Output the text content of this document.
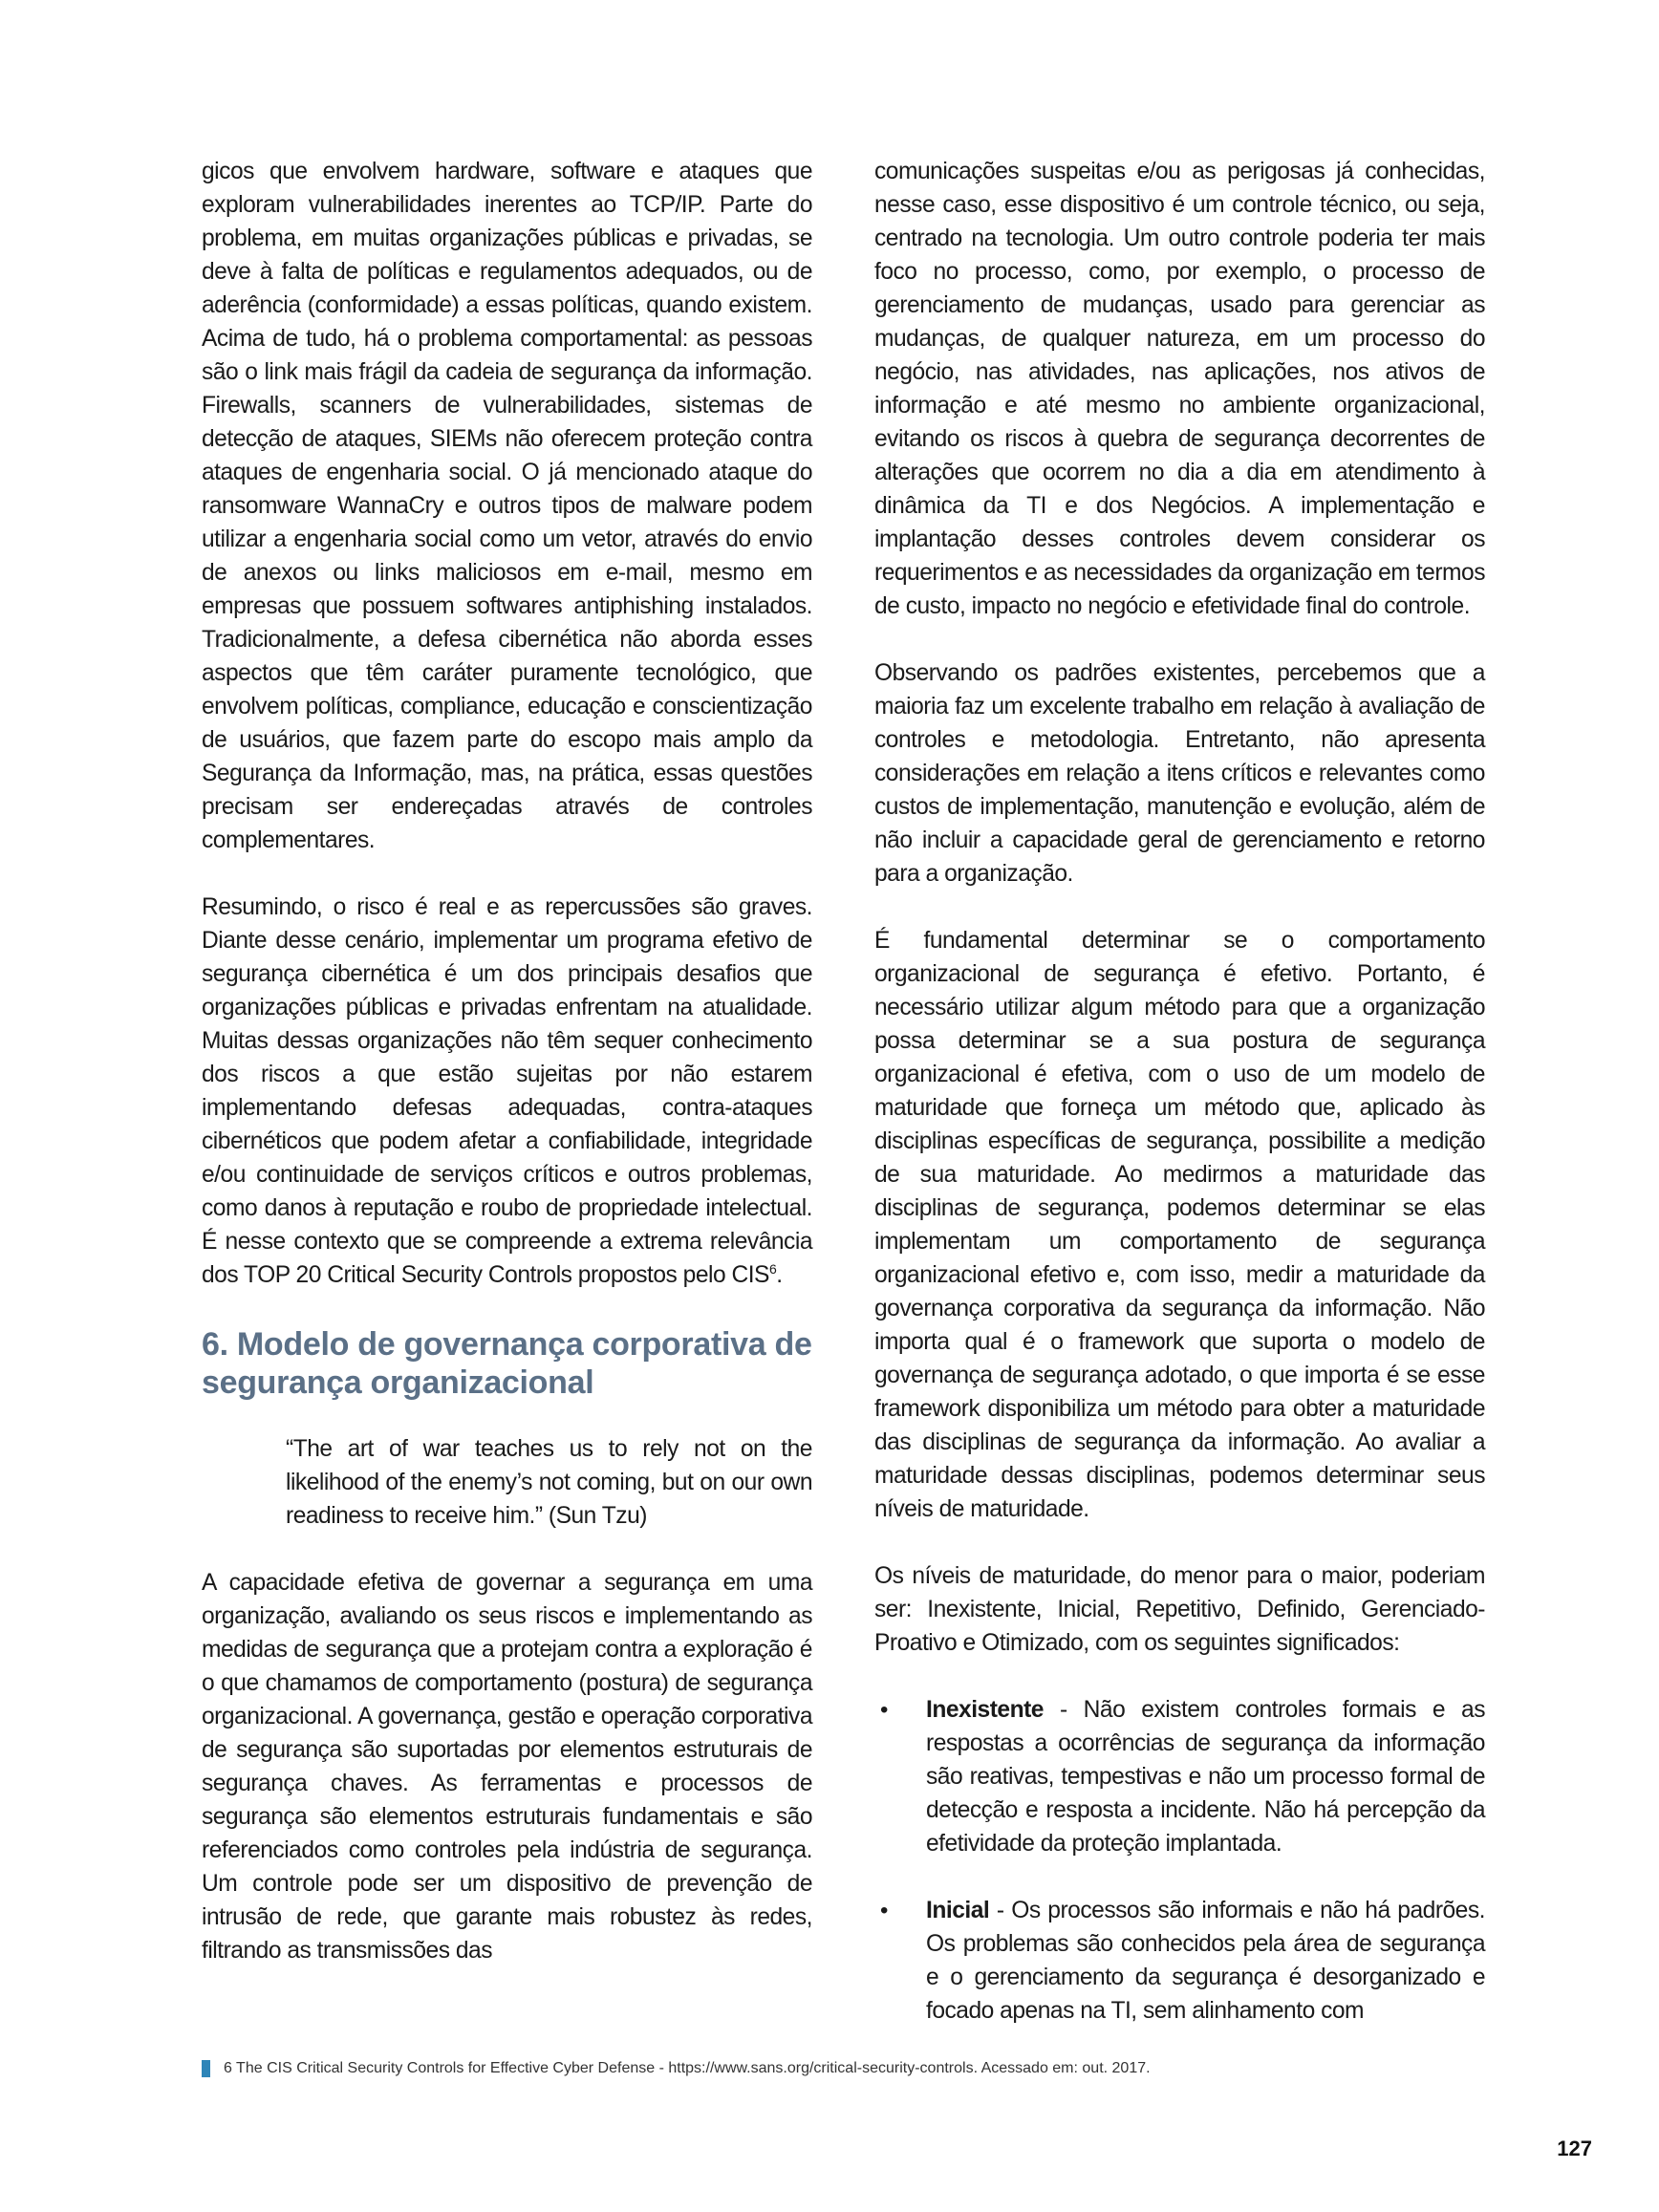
gicos que envolvem hardware, software e ataques que exploram vulnerabilidades inerentes ao TCP/IP. Parte do problema, em muitas organizações públicas e privadas, se deve à falta de políticas e regulamentos adequados, ou de aderência (conformidade) a essas políticas, quando existem. Acima de tudo, há o problema comportamental: as pessoas são o link mais frágil da cadeia de segurança da informação. Firewalls, scanners de vulnerabilidades, sistemas de detecção de ataques, SIEMs não oferecem proteção contra ataques de engenharia social. O já mencionado ataque do ransomware WannaCry e outros tipos de malware podem utilizar a engenharia social como um vetor, através do envio de anexos ou links maliciosos em e-mail, mesmo em empresas que possuem softwares antiphishing instalados. Tradicionalmente, a defesa cibernética não aborda esses aspectos que têm caráter puramente tecnológico, que envolvem políticas, compliance, educação e conscientização de usuários, que fazem parte do escopo mais amplo da Segurança da Informação, mas, na prática, essas questões precisam ser endereçadas através de controles complementares.

Resumindo, o risco é real e as repercussões são graves. Diante desse cenário, implementar um programa efetivo de segurança cibernética é um dos principais desafios que organizações públicas e privadas enfrentam na atualidade. Muitas dessas organizações não têm sequer conhecimento dos riscos a que estão sujeitas por não estarem implementando defesas adequadas, contra-ataques cibernéticos que podem afetar a confiabilidade, integridade e/ou continuidade de serviços críticos e outros problemas, como danos à reputação e roubo de propriedade intelectual. É nesse contexto que se compreende a extrema relevância dos TOP 20 Critical Security Controls propostos pelo CIS$^6$.

6. Modelo de governança corporativa de segurança organizacional

“The art of war teaches us to rely not on the likelihood of the enemy’s not coming, but on our own readiness to receive him.” (Sun Tzu)

A capacidade efetiva de governar a segurança em uma organização, avaliando os seus riscos e implementando as medidas de segurança que a protejam contra a exploração é o que chamamos de comportamento (postura) de segurança organizacional. A governança, gestão e operação corporativa de segurança são suportadas por elementos estruturais de segurança chaves. As ferramentas e processos de segurança são elementos estruturais fundamentais e são referenciados como controles pela indústria de segurança. Um controle pode ser um dispositivo de prevenção de intrusão de rede, que garante mais robustez às redes, filtrando as transmissões das

comunicações suspeitas e/ou as perigosas já conhecidas, nesse caso, esse dispositivo é um controle técnico, ou seja, centrado na tecnologia. Um outro controle poderia ter mais foco no processo, como, por exemplo, o processo de gerenciamento de mudanças, usado para gerenciar as mudanças, de qualquer natureza, em um processo do negócio, nas atividades, nas aplicações, nos ativos de informação e até mesmo no ambiente organizacional, evitando os riscos à quebra de segurança decorrentes de alterações que ocorrem no dia a dia em atendimento à dinâmica da TI e dos Negócios. A implementação e implantação desses controles devem considerar os requerimentos e as necessidades da organização em termos de custo, impacto no negócio e efetividade final do controle.

Observando os padrões existentes, percebemos que a maioria faz um excelente trabalho em relação à avaliação de controles e metodologia. Entretanto, não apresenta considerações em relação a itens críticos e relevantes como custos de implementação, manutenção e evolução, além de não incluir a capacidade geral de gerenciamento e retorno para a organização.

É fundamental determinar se o comportamento organizacional de segurança é efetivo. Portanto, é necessário utilizar algum método para que a organização possa determinar se a sua postura de segurança organizacional é efetiva, com o uso de um modelo de maturidade que forneça um método que, aplicado às disciplinas específicas de segurança, possibilite a medição de sua maturidade. Ao medirmos a maturidade das disciplinas de segurança, podemos determinar se elas implementam um comportamento de segurança organizacional efetivo e, com isso, medir a maturidade da governança corporativa da segurança da informação. Não importa qual é o framework que suporta o modelo de governança de segurança adotado, o que importa é se esse framework disponibiliza um método para obter a maturidade das disciplinas de segurança da informação. Ao avaliar a maturidade dessas disciplinas, podemos determinar seus níveis de maturidade.

Os níveis de maturidade, do menor para o maior, poderiam ser: Inexistente, Inicial, Repetitivo, Definido, Gerenciado-Proativo e Otimizado, com os seguintes significados:

• Inexistente - Não existem controles formais e as respostas a ocorrências de segurança da informação são reativas, tempestivas e não um processo formal de detecção e resposta a incidente. Não há percepção da efetividade da proteção implantada.
• Inicial - Os processos são informais e não há padrões. Os problemas são conhecidos pela área de segurança e o gerenciamento da segurança é desorganizado e focado apenas na TI, sem alinhamento com
6 The CIS Critical Security Controls for Effective Cyber Defense - https://www.sans.org/critical-security-controls. Acessado em: out. 2017.
127
